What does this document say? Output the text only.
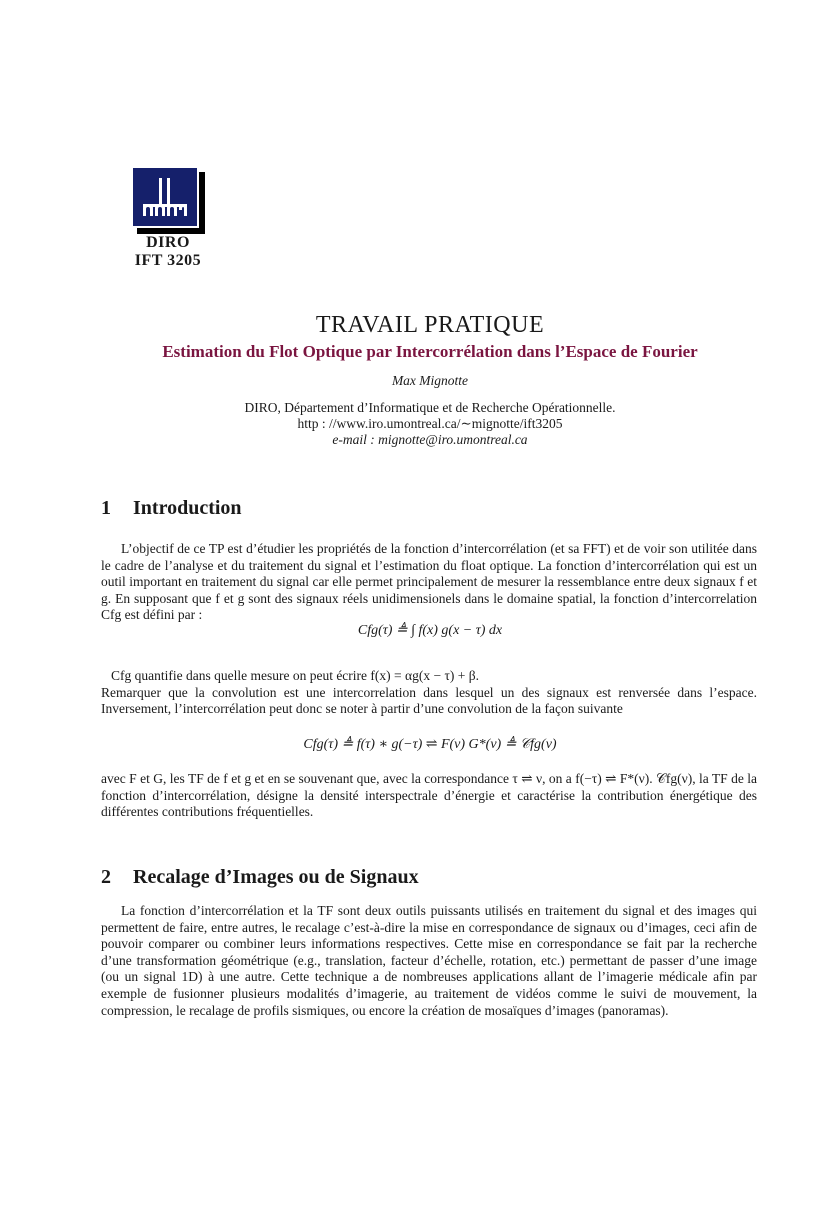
DIRO
IFT 3205
TRAVAIL PRATIQUE
Estimation du Flot Optique par Intercorrélation dans l’Espace de Fourier
Max Mignotte
DIRO, Département d’Informatique et de Recherche Opérationnelle.
http : //www.iro.umontreal.ca/∼mignotte/ift3205
e-mail : mignotte@iro.umontreal.ca
1 Introduction

L’objectif de ce TP est d’étudier les propriétés de la fonction d’intercorrélation (et sa FFT) et de voir son utilitée dans le cadre de l’analyse et du traitement du signal et l’estimation du float optique. La fonction d’intercorrélation qui est un outil important en traitement du signal car elle permet principalement de mesurer la ressemblance entre deux signaux f et g. En supposant que f et g sont des signaux réels unidimensionels dans le domaine spatial, la fonction d’intercorrelation Cfg est défini par :

Cfg(τ) ≜ ∫ f(x) g(x − τ) dx

Cfg quantifie dans quelle mesure on peut écrire f(x) = αg(x − τ) + β.

Remarquer que la convolution est une intercorrelation dans lesquel un des signaux est renversée dans l’espace. Inversement, l’intercorrélation peut donc se noter à partir d’une convolution de la façon suivante

Cfg(τ) ≜ f(τ) ∗ g(−τ) ⇌ F(ν) G*(ν) ≜ 𝒞fg(ν)

avec F et G, les TF de f et g et en se souvenant que, avec la correspondance τ ⇌ ν, on a f(−τ) ⇌ F*(ν). 𝒞fg(ν), la TF de la fonction d’intercorrélation, désigne la densité interspectrale d’énergie et caractérise la contribution énergétique des différentes contributions fréquentielles.

2 Recalage d’Images ou de Signaux

La fonction d’intercorrélation et la TF sont deux outils puissants utilisés en traitement du signal et des images qui permettent de faire, entre autres, le recalage c’est-à-dire la mise en correspondance de signaux ou d’images, ceci afin de pouvoir comparer ou combiner leurs informations respectives. Cette mise en correspondance se fait par la recherche d’une transformation géométrique (e.g., translation, facteur d’échelle, rotation, etc.) permettant de passer d’une image (ou un signal 1D) à une autre. Cette technique a de nombreuses applications allant de l’imagerie médicale afin par exemple de fusionner plusieurs modalités d’imagerie, au traitement de vidéos comme le suivi de mouvement, la compression, le recalage de profils sismiques, ou encore la création de mosaïques d’images (panoramas).
